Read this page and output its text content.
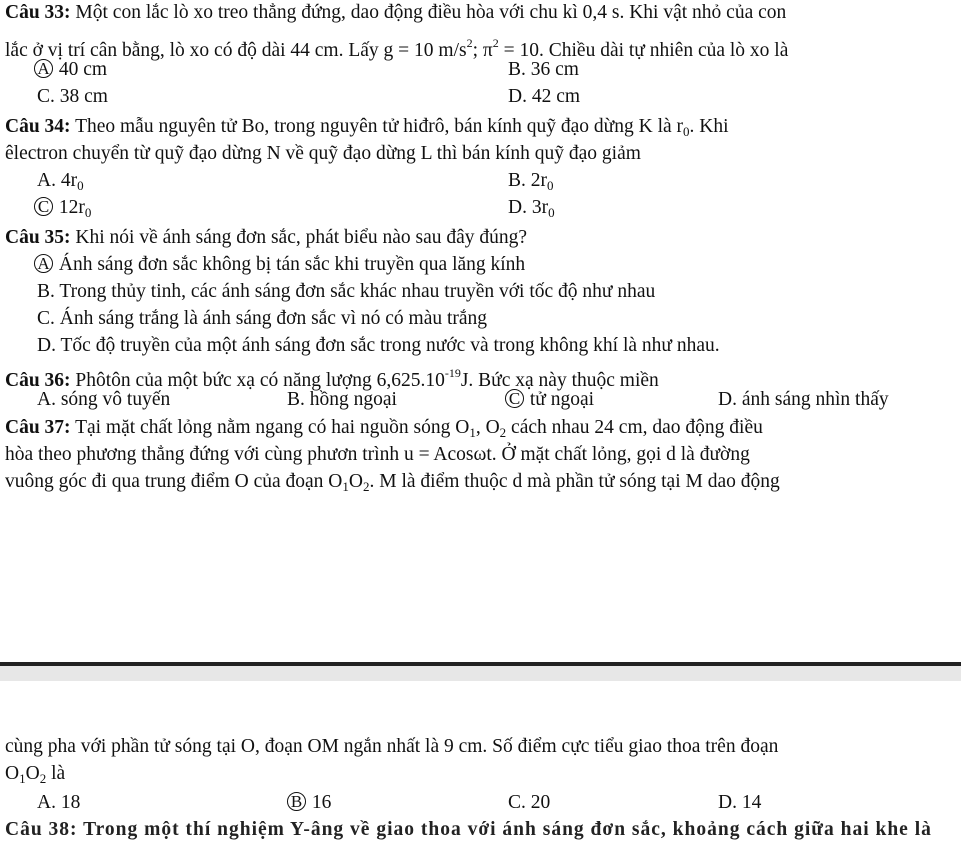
Câu 33: Một con lắc lò xo treo thẳng đứng, dao động điều hòa với chu kì 0,4 s. Khi vật nhỏ của con
lắc ở vị trí cân bằng, lò xo có độ dài 44 cm. Lấy g = 10 $m/s^2$; $\pi^2 = 10$. Chiều dài tự nhiên của lò xo là
A 40 cm	B. 36 cm
C. 38 cm	D. 42 cm
Câu 34: Theo mẫu nguyên tử Bo, trong nguyên tử hiđrô, bán kính quỹ đạo dừng K là $r_0$. Khi
êlectron chuyển từ quỹ đạo dừng N về quỹ đạo dừng L thì bán kính quỹ đạo giảm
A. $4r_0$	B. $2r_0$
C $12r_0$	D. $3r_0$
Câu 35: Khi nói về ánh sáng đơn sắc, phát biểu nào sau đây đúng?
A Ánh sáng đơn sắc không bị tán sắc khi truyền qua lăng kính
B. Trong thủy tinh, các ánh sáng đơn sắc khác nhau truyền với tốc độ như nhau
C. Ánh sáng trắng là ánh sáng đơn sắc vì nó có màu trắng
D. Tốc độ truyền của một ánh sáng đơn sắc trong nước và trong không khí là như nhau.
Câu 36: Phôtôn của một bức xạ có năng lượng $6,625.10^{-19}J$. Bức xạ này thuộc miền
A. sóng vô tuyến	B. hồng ngoại	C tử ngoại	D. ánh sáng nhìn thấy
Câu 37: Tại mặt chất lỏng nằm ngang có hai nguồn sóng $O_1$, $O_2$ cách nhau 24 cm, dao động điều
hòa theo phương thẳng đứng với cùng phươn trình u = Acosωt. Ở mặt chất lỏng, gọi d là đường
vuông góc đi qua trung điểm O của đoạn $O_1O_2$. M là điểm thuộc d mà phần tử sóng tại M dao động
cùng pha với phần tử sóng tại O, đoạn OM ngắn nhất là 9 cm. Số điểm cực tiểu giao thoa trên đoạn
$O_1O_2$ là
A. 18	B 16	C. 20	D. 14
Câu 38: Trong một thí nghiệm Y-âng về giao thoa với ánh sáng đơn sắc, khoảng cách giữa hai khe là
